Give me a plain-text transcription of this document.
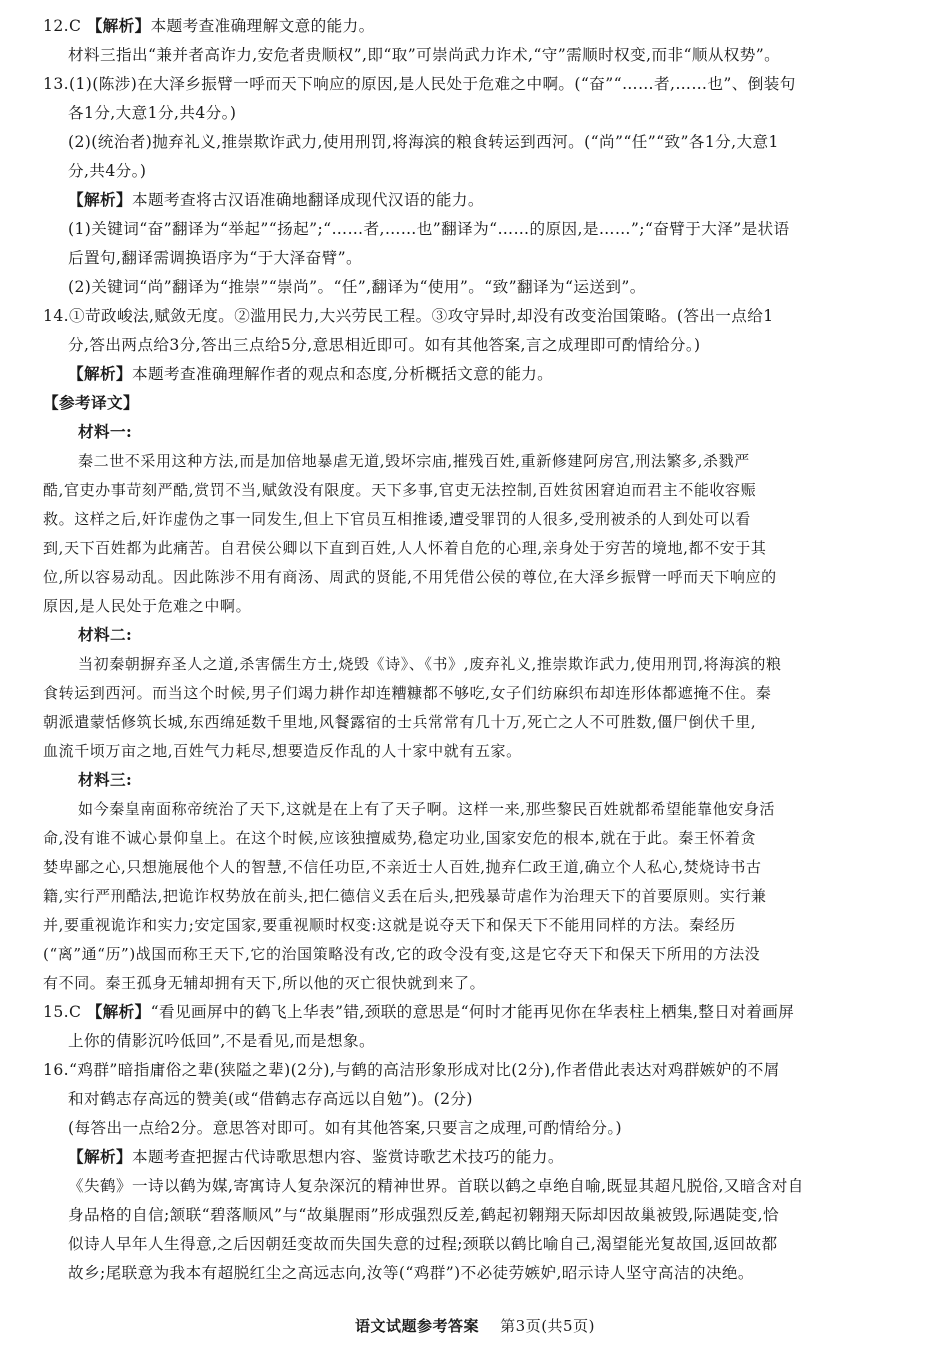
12.C 【解析】本题考查准确理解文意的能力。
材料三指出“兼并者高诈力,安危者贵顺权”,即“取”可崇尚武力诈术,“守”需顺时权变,而非“顺从权势”。
13.(1)(陈涉)在大泽乡振臂一呼而天下响应的原因,是人民处于危难之中啊。(“奋”“……者,……也”、倒装句
各1分,大意1分,共4分。)
(2)(统治者)抛弃礼义,推崇欺诈武力,使用刑罚,将海滨的粮食转运到西河。(“尚”“任”“致”各1分,大意1
分,共4分。)
【解析】本题考查将古汉语准确地翻译成现代汉语的能力。
(1)关键词“奋”翻译为“举起”“扬起”;“……者,……也”翻译为“……的原因,是……”;“奋臂于大泽”是状语
后置句,翻译需调换语序为“于大泽奋臂”。
(2)关键词“尚”翻译为“推崇”“崇尚”。“任”,翻译为“使用”。“致”翻译为“运送到”。
14.①苛政峻法,赋敛无度。②滥用民力,大兴劳民工程。③攻守异时,却没有改变治国策略。(答出一点给1
分,答出两点给3分,答出三点给5分,意思相近即可。如有其他答案,言之成理即可酌情给分。)
【解析】本题考查准确理解作者的观点和态度,分析概括文意的能力。
【参考译文】
材料一:
秦二世不采用这种方法,而是加倍地暴虐无道,毁坏宗庙,摧残百姓,重新修建阿房宫,刑法繁多,杀戮严
酷,官吏办事苛刻严酷,赏罚不当,赋敛没有限度。天下多事,官吏无法控制,百姓贫困窘迫而君主不能收容赈
救。这样之后,奸诈虚伪之事一同发生,但上下官员互相推诿,遭受罪罚的人很多,受刑被杀的人到处可以看
到,天下百姓都为此痛苦。自君侯公卿以下直到百姓,人人怀着自危的心理,亲身处于穷苦的境地,都不安于其
位,所以容易动乱。因此陈涉不用有商汤、周武的贤能,不用凭借公侯的尊位,在大泽乡振臂一呼而天下响应的
原因,是人民处于危难之中啊。
材料二:
当初秦朝摒弃圣人之道,杀害儒生方士,烧毁《诗》、《书》,废弃礼义,推崇欺诈武力,使用刑罚,将海滨的粮
食转运到西河。而当这个时候,男子们竭力耕作却连糟糠都不够吃,女子们纺麻织布却连形体都遮掩不住。秦
朝派遣蒙恬修筑长城,东西绵延数千里地,风餐露宿的士兵常常有几十万,死亡之人不可胜数,僵尸倒伏千里,
血流千顷万亩之地,百姓气力耗尽,想要造反作乱的人十家中就有五家。
材料三:
如今秦皇南面称帝统治了天下,这就是在上有了天子啊。这样一来,那些黎民百姓就都希望能靠他安身活
命,没有谁不诚心景仰皇上。在这个时候,应该独擅威势,稳定功业,国家安危的根本,就在于此。秦王怀着贪
婪卑鄙之心,只想施展他个人的智慧,不信任功臣,不亲近士人百姓,抛弃仁政王道,确立个人私心,焚烧诗书古
籍,实行严刑酷法,把诡诈权势放在前头,把仁德信义丢在后头,把残暴苛虐作为治理天下的首要原则。实行兼
并,要重视诡诈和实力;安定国家,要重视顺时权变:这就是说夺天下和保天下不能用同样的方法。秦经历
(“离”通“历”)战国而称王天下,它的治国策略没有改,它的政令没有变,这是它夺天下和保天下所用的方法没
有不同。秦王孤身无辅却拥有天下,所以他的灭亡很快就到来了。
15.C 【解析】“看见画屏中的鹤飞上华表”错,颈联的意思是“何时才能再见你在华表柱上栖集,整日对着画屏
上你的倩影沉吟低回”,不是看见,而是想象。
16.“鸡群”暗指庸俗之辈(狭隘之辈)(2分),与鹤的高洁形象形成对比(2分),作者借此表达对鸡群嫉妒的不屑
和对鹤志存高远的赞美(或“借鹤志存高远以自勉”)。(2分)
(每答出一点给2分。意思答对即可。如有其他答案,只要言之成理,可酌情给分。)
【解析】本题考查把握古代诗歌思想内容、鉴赏诗歌艺术技巧的能力。
《失鹤》一诗以鹤为媒,寄寓诗人复杂深沉的精神世界。首联以鹤之卓绝自喻,既显其超凡脱俗,又暗含对自
身品格的自信;颔联“碧落顺风”与“故巢腥雨”形成强烈反差,鹤起初翱翔天际却因故巢被毁,际遇陡变,恰
似诗人早年人生得意,之后因朝廷变故而失国失意的过程;颈联以鹤比喻自己,渴望能光复故国,返回故都
故乡;尾联意为我本有超脱红尘之高远志向,汝等(“鸡群”)不必徒劳嫉妒,昭示诗人坚守高洁的决绝。
语文试题参考答案 第3页(共5页)
